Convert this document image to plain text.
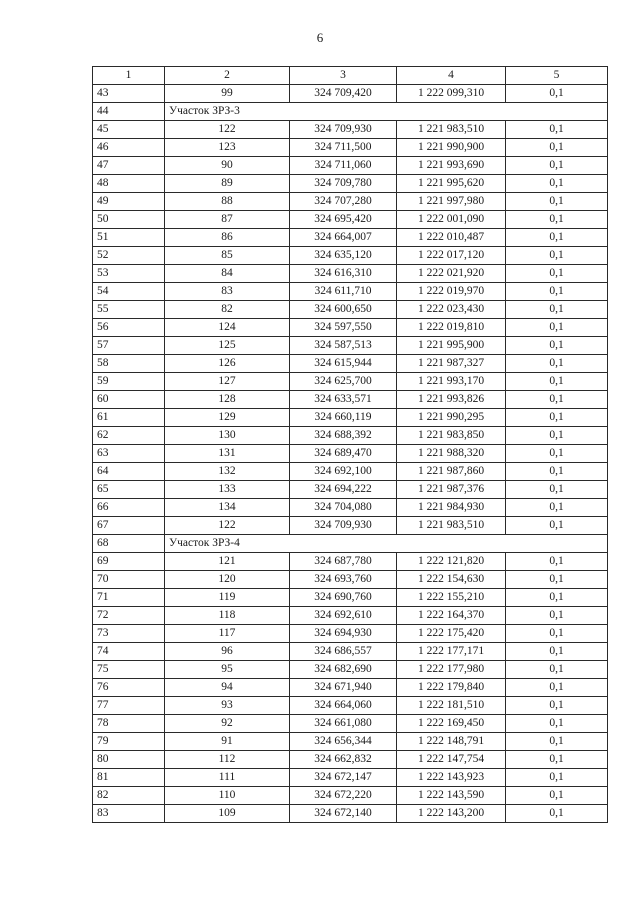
6
1	2	3	4	5
43	99	324 709,420	1 222 099,310	0,1
44	Участок ЗРЗ-3			
45	122	324 709,930	1 221 983,510	0,1
46	123	324 711,500	1 221 990,900	0,1
47	90	324 711,060	1 221 993,690	0,1
48	89	324 709,780	1 221 995,620	0,1
49	88	324 707,280	1 221 997,980	0,1
50	87	324 695,420	1 222 001,090	0,1
51	86	324 664,007	1 222 010,487	0,1
52	85	324 635,120	1 222 017,120	0,1
53	84	324 616,310	1 222 021,920	0,1
54	83	324 611,710	1 222 019,970	0,1
55	82	324 600,650	1 222 023,430	0,1
56	124	324 597,550	1 222 019,810	0,1
57	125	324 587,513	1 221 995,900	0,1
58	126	324 615,944	1 221 987,327	0,1
59	127	324 625,700	1 221 993,170	0,1
60	128	324 633,571	1 221 993,826	0,1
61	129	324 660,119	1 221 990,295	0,1
62	130	324 688,392	1 221 983,850	0,1
63	131	324 689,470	1 221 988,320	0,1
64	132	324 692,100	1 221 987,860	0,1
65	133	324 694,222	1 221 987,376	0,1
66	134	324 704,080	1 221 984,930	0,1
67	122	324 709,930	1 221 983,510	0,1
68	Участок ЗРЗ-4			
69	121	324 687,780	1 222 121,820	0,1
70	120	324 693,760	1 222 154,630	0,1
71	119	324 690,760	1 222 155,210	0,1
72	118	324 692,610	1 222 164,370	0,1
73	117	324 694,930	1 222 175,420	0,1
74	96	324 686,557	1 222 177,171	0,1
75	95	324 682,690	1 222 177,980	0,1
76	94	324 671,940	1 222 179,840	0,1
77	93	324 664,060	1 222 181,510	0,1
78	92	324 661,080	1 222 169,450	0,1
79	91	324 656,344	1 222 148,791	0,1
80	112	324 662,832	1 222 147,754	0,1
81	111	324 672,147	1 222 143,923	0,1
82	110	324 672,220	1 222 143,590	0,1
83	109	324 672,140	1 222 143,200	0,1
